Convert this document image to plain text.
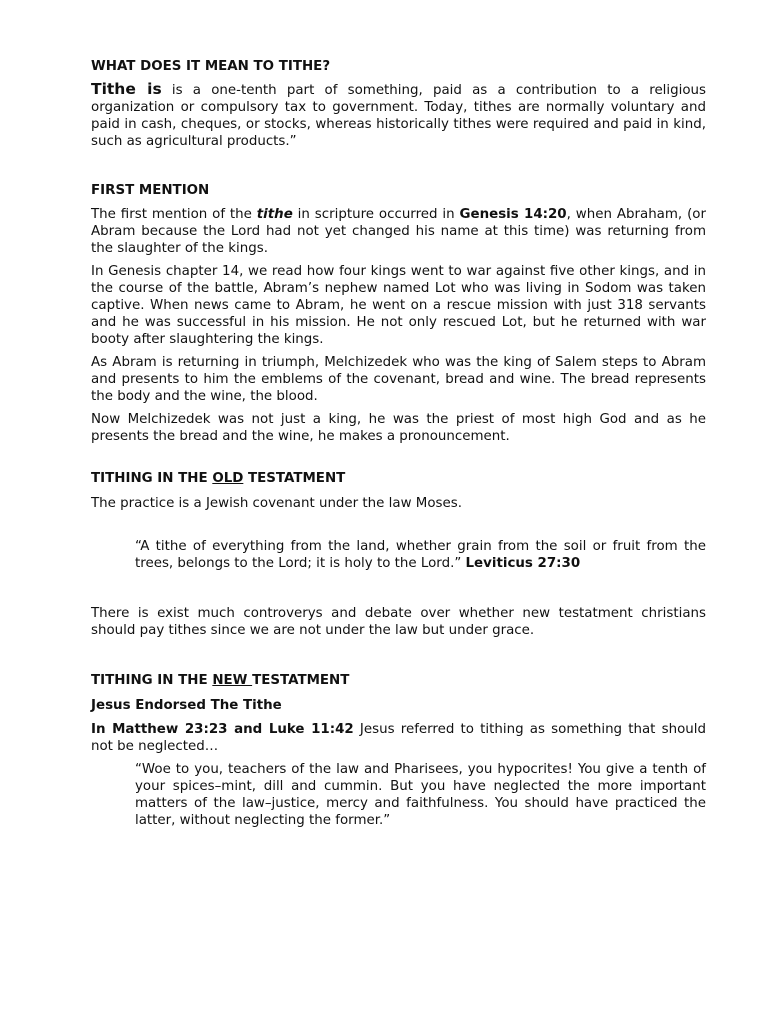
WHAT DOES IT MEAN TO TITHE?

Tithe is is a one-tenth part of something, paid as a contribution to a religious organization or compulsory tax to government. Today, tithes are normally voluntary and paid in cash, cheques, or stocks, whereas historically tithes were required and paid in kind, such as agricultural products.”

FIRST MENTION

The first mention of the tithe in scripture occurred in Genesis 14:20, when Abraham, (or Abram because the Lord had not yet changed his name at this time) was returning from the slaughter of the kings.

In Genesis chapter 14, we read how four kings went to war against five other kings, and in the course of the battle, Abram’s nephew named Lot who was living in Sodom was taken captive. When news came to Abram, he went on a rescue mission with just 318 servants and he was successful in his mission. He not only rescued Lot, but he returned with war booty after slaughtering the kings.

As Abram is returning in triumph, Melchizedek who was the king of Salem steps to Abram and presents to him the emblems of the covenant, bread and wine. The bread represents the body and the wine, the blood.

Now Melchizedek was not just a king, he was the priest of most high God and as he presents the bread and the wine, he makes a pronouncement.

TITHING IN THE OLD TESTATMENT

The practice is a Jewish covenant under the law Moses.

“A tithe of everything from the land, whether grain from the soil or fruit from the trees, belongs to the Lord; it is holy to the Lord.” Leviticus 27:30

There is exist much controverys and debate over whether new testatment christians should pay tithes since we are not under the law but under grace.

TITHING IN THE NEW TESTATMENT

Jesus Endorsed The Tithe

In Matthew 23:23 and Luke 11:42 Jesus referred to tithing as something that should not be neglected…

“Woe to you, teachers of the law and Pharisees, you hypocrites! You give a tenth of your spices–mint, dill and cummin. But you have neglected the more important matters of the law–justice, mercy and faithfulness. You should have practiced the latter, without neglecting the former.”
